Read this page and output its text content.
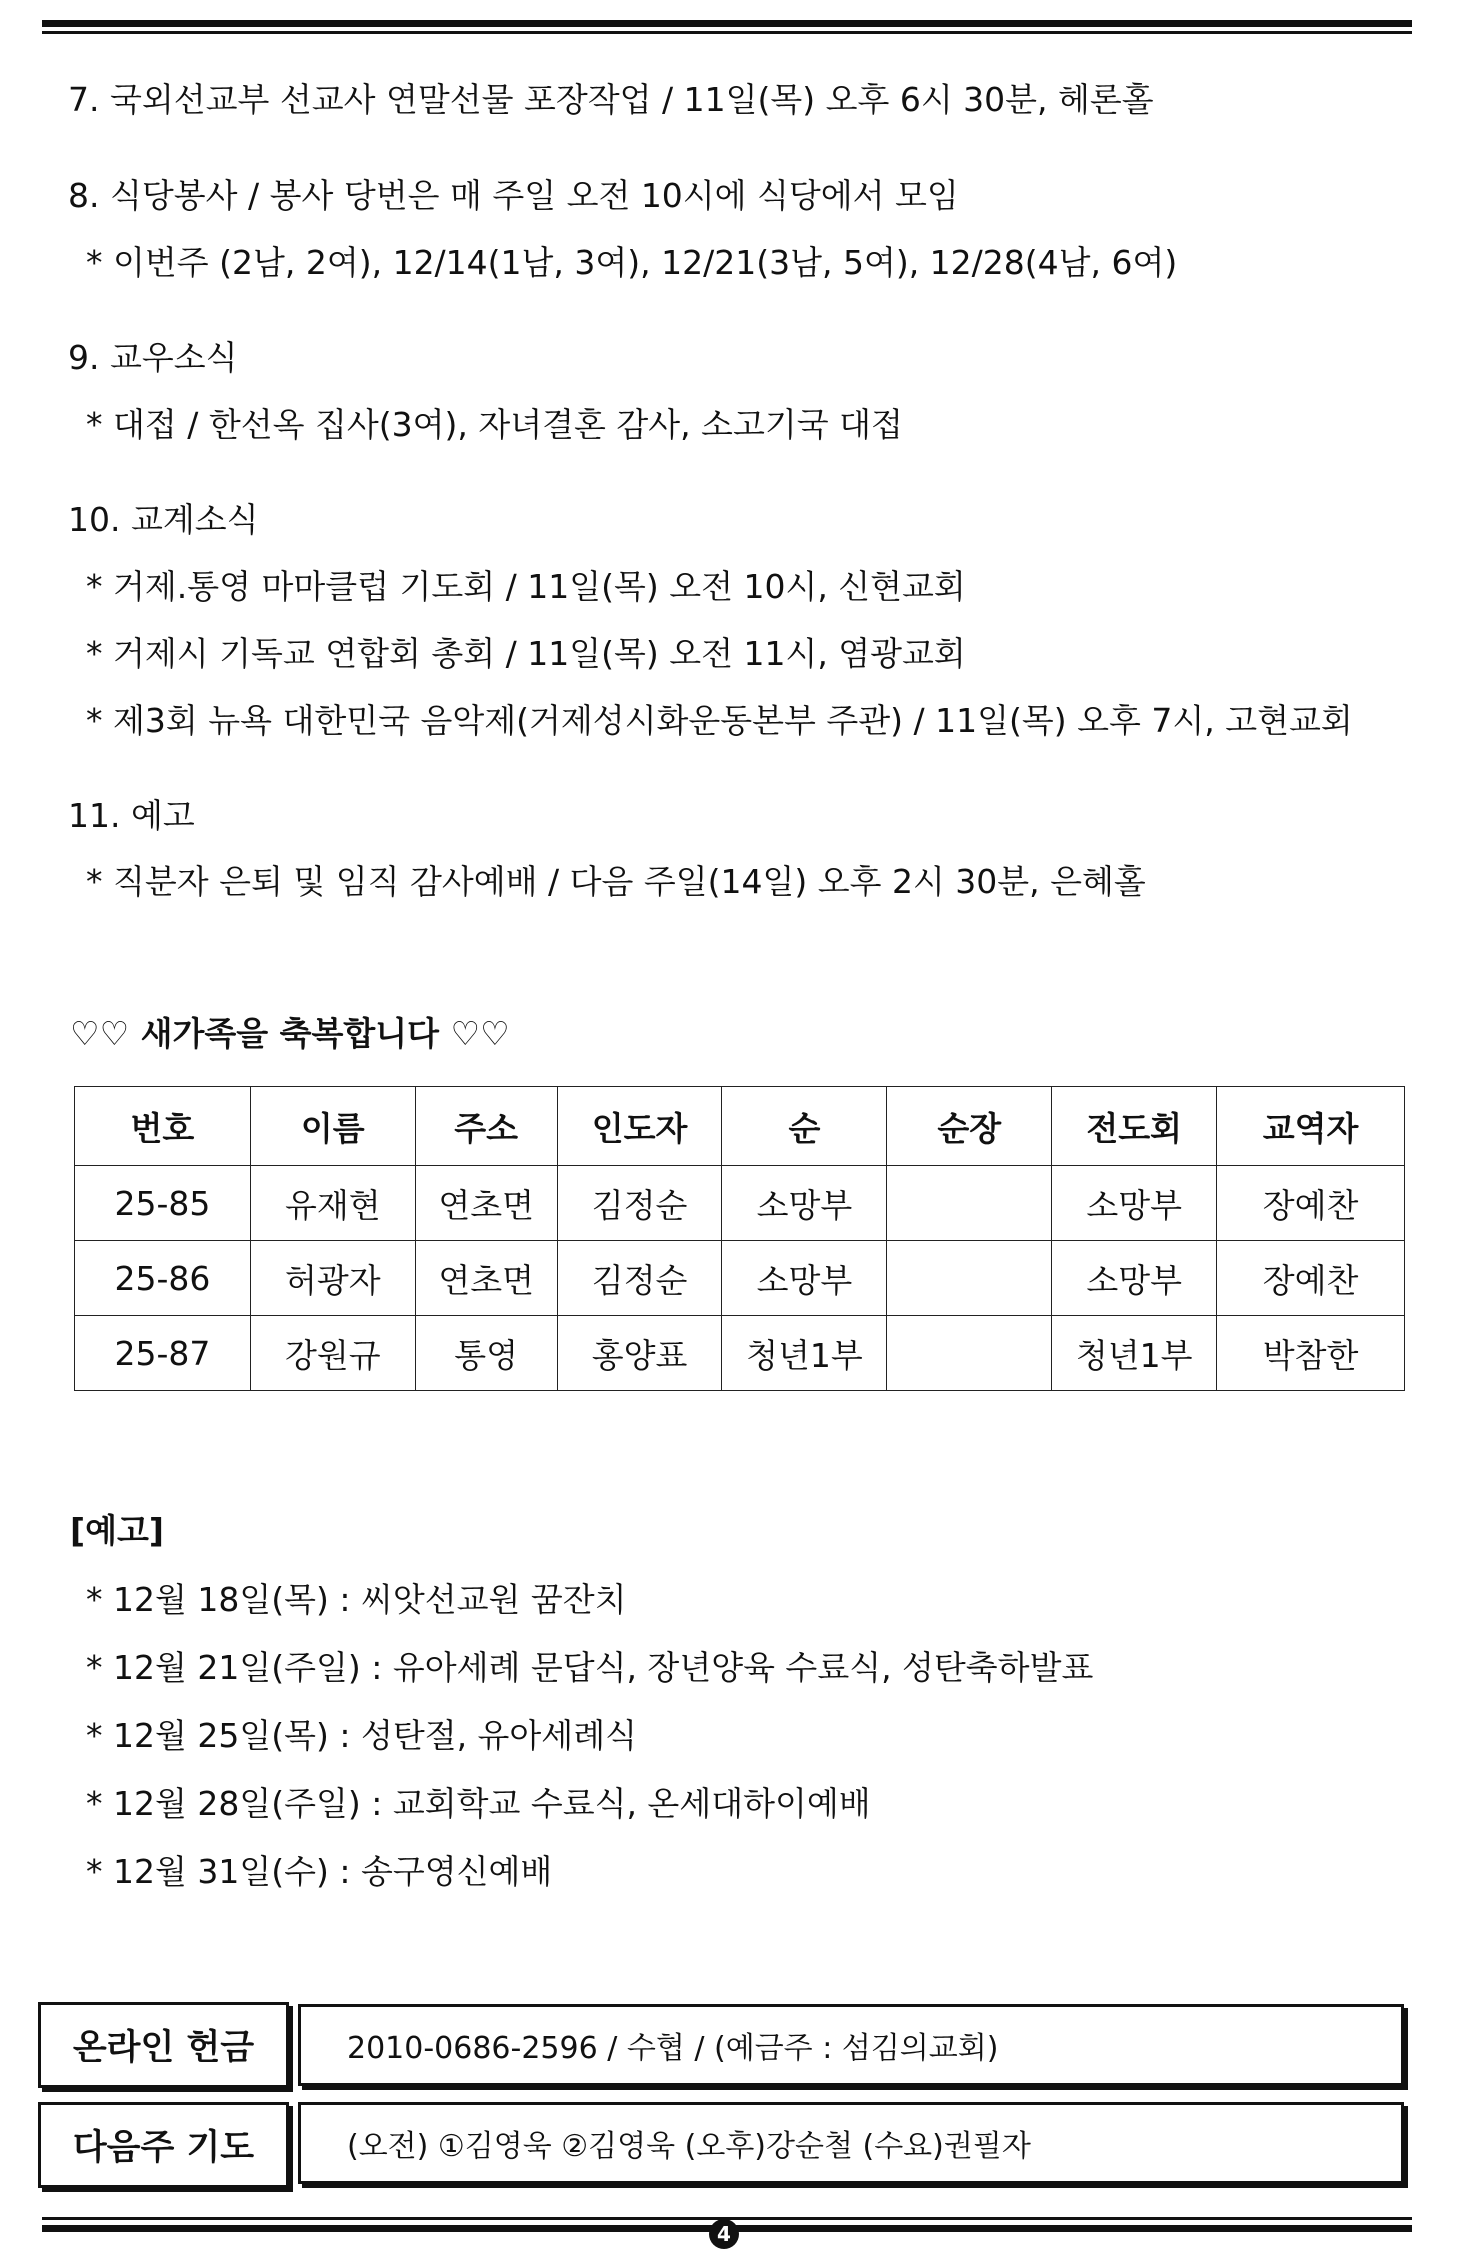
7. 국외선교부 선교사 연말선물 포장작업 / 11일(목) 오후 6시 30분, 헤론홀
8. 식당봉사 / 봉사 당번은 매 주일 오전 10시에 식당에서 모임
* 이번주 (2남, 2여), 12/14(1남, 3여), 12/21(3남, 5여), 12/28(4남, 6여)
9. 교우소식
* 대접 / 한선옥 집사(3여), 자녀결혼 감사, 소고기국 대접
10. 교계소식
* 거제.통영 마마클럽 기도회 / 11일(목) 오전 10시, 신현교회
* 거제시 기독교 연합회 총회 / 11일(목) 오전 11시, 염광교회
* 제3회 뉴욕 대한민국 음악제(거제성시화운동본부 주관) / 11일(목) 오후 7시, 고현교회
11. 예고
* 직분자 은퇴 및 임직 감사예배 / 다음 주일(14일) 오후 2시 30분, 은혜홀
♡♡ 새가족을 축복합니다 ♡♡
번호	이름	주소	인도자	순	순장	전도회	교역자
25-85	유재현	연초면	김정순	소망부		소망부	장예찬
25-86	허광자	연초면	김정순	소망부		소망부	장예찬
25-87	강원규	통영	홍양표	청년1부		청년1부	박참한
[예고]
* 12월 18일(목) : 씨앗선교원 꿈잔치
* 12월 21일(주일) : 유아세례 문답식, 장년양육 수료식, 성탄축하발표
* 12월 25일(목) : 성탄절, 유아세례식
* 12월 28일(주일) : 교회학교 수료식, 온세대하이예배
* 12월 31일(수) : 송구영신예배
온라인 헌금	2010-0686-2596 / 수협 / (예금주 : 섬김의교회)
다음주 기도	(오전) ①김영욱 ②김영욱 (오후)강순철 (수요)권필자
4
